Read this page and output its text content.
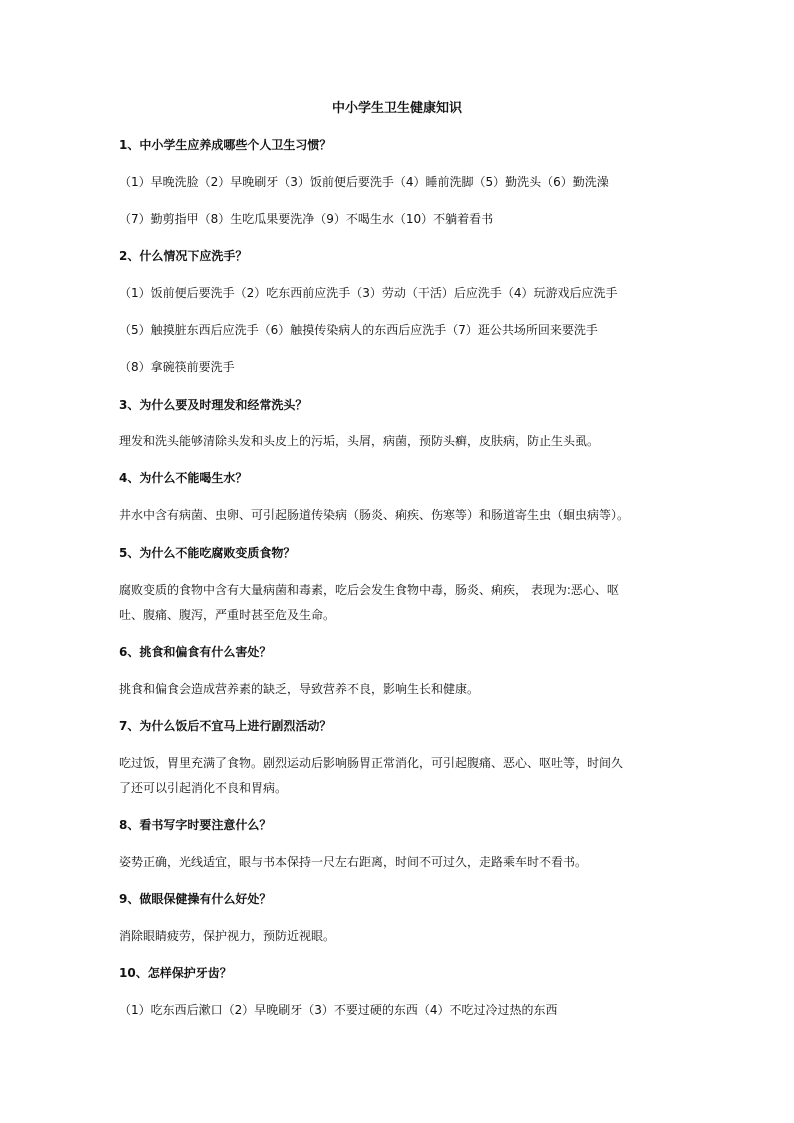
中小学生卫生健康知识
1、中小学生应养成哪些个人卫生习惯？
（1）早晚洗脸（2）早晚刷牙（3）饭前便后要洗手（4）睡前洗脚（5）勤洗头（6）勤洗澡
（7）勤剪指甲（8）生吃瓜果要洗净（9）不喝生水（10）不躺着看书
2、什么情况下应洗手？
（1）饭前便后要洗手（2）吃东西前应洗手（3）劳动（干活）后应洗手（4）玩游戏后应洗手
（5）触摸脏东西后应洗手（6）触摸传染病人的东西后应洗手（7）逛公共场所回来要洗手
（8）拿碗筷前要洗手
3、为什么要及时理发和经常洗头？
理发和洗头能够清除头发和头皮上的污垢，头屑，病菌，预防头癣，皮肤病，防止生头虱。
4、为什么不能喝生水？
井水中含有病菌、虫卵、可引起肠道传染病（肠炎、痢疾、伤寒等）和肠道寄生虫（蛔虫病等）。
5、为什么不能吃腐败变质食物？
腐败变质的食物中含有大量病菌和毒素，吃后会发生食物中毒，肠炎、痢疾， 表现为:恶心、呕
吐、腹痛、腹泻，严重时甚至危及生命。
6、挑食和偏食有什么害处？
挑食和偏食会造成营养素的缺乏，导致营养不良，影响生长和健康。
7、为什么饭后不宜马上进行剧烈活动？
吃过饭，胃里充满了食物。剧烈运动后影响肠胃正常消化，可引起腹痛、恶心、呕吐等，时间久
了还可以引起消化不良和胃病。
8、看书写字时要注意什么？
姿势正确，光线适宜，眼与书本保持一尺左右距离，时间不可过久，走路乘车时不看书。
9、做眼保健操有什么好处？
消除眼睛疲劳，保护视力，预防近视眼。
10、怎样保护牙齿？
（1）吃东西后漱口（2）早晚刷牙（3）不要过硬的东西（4）不吃过冷过热的东西
